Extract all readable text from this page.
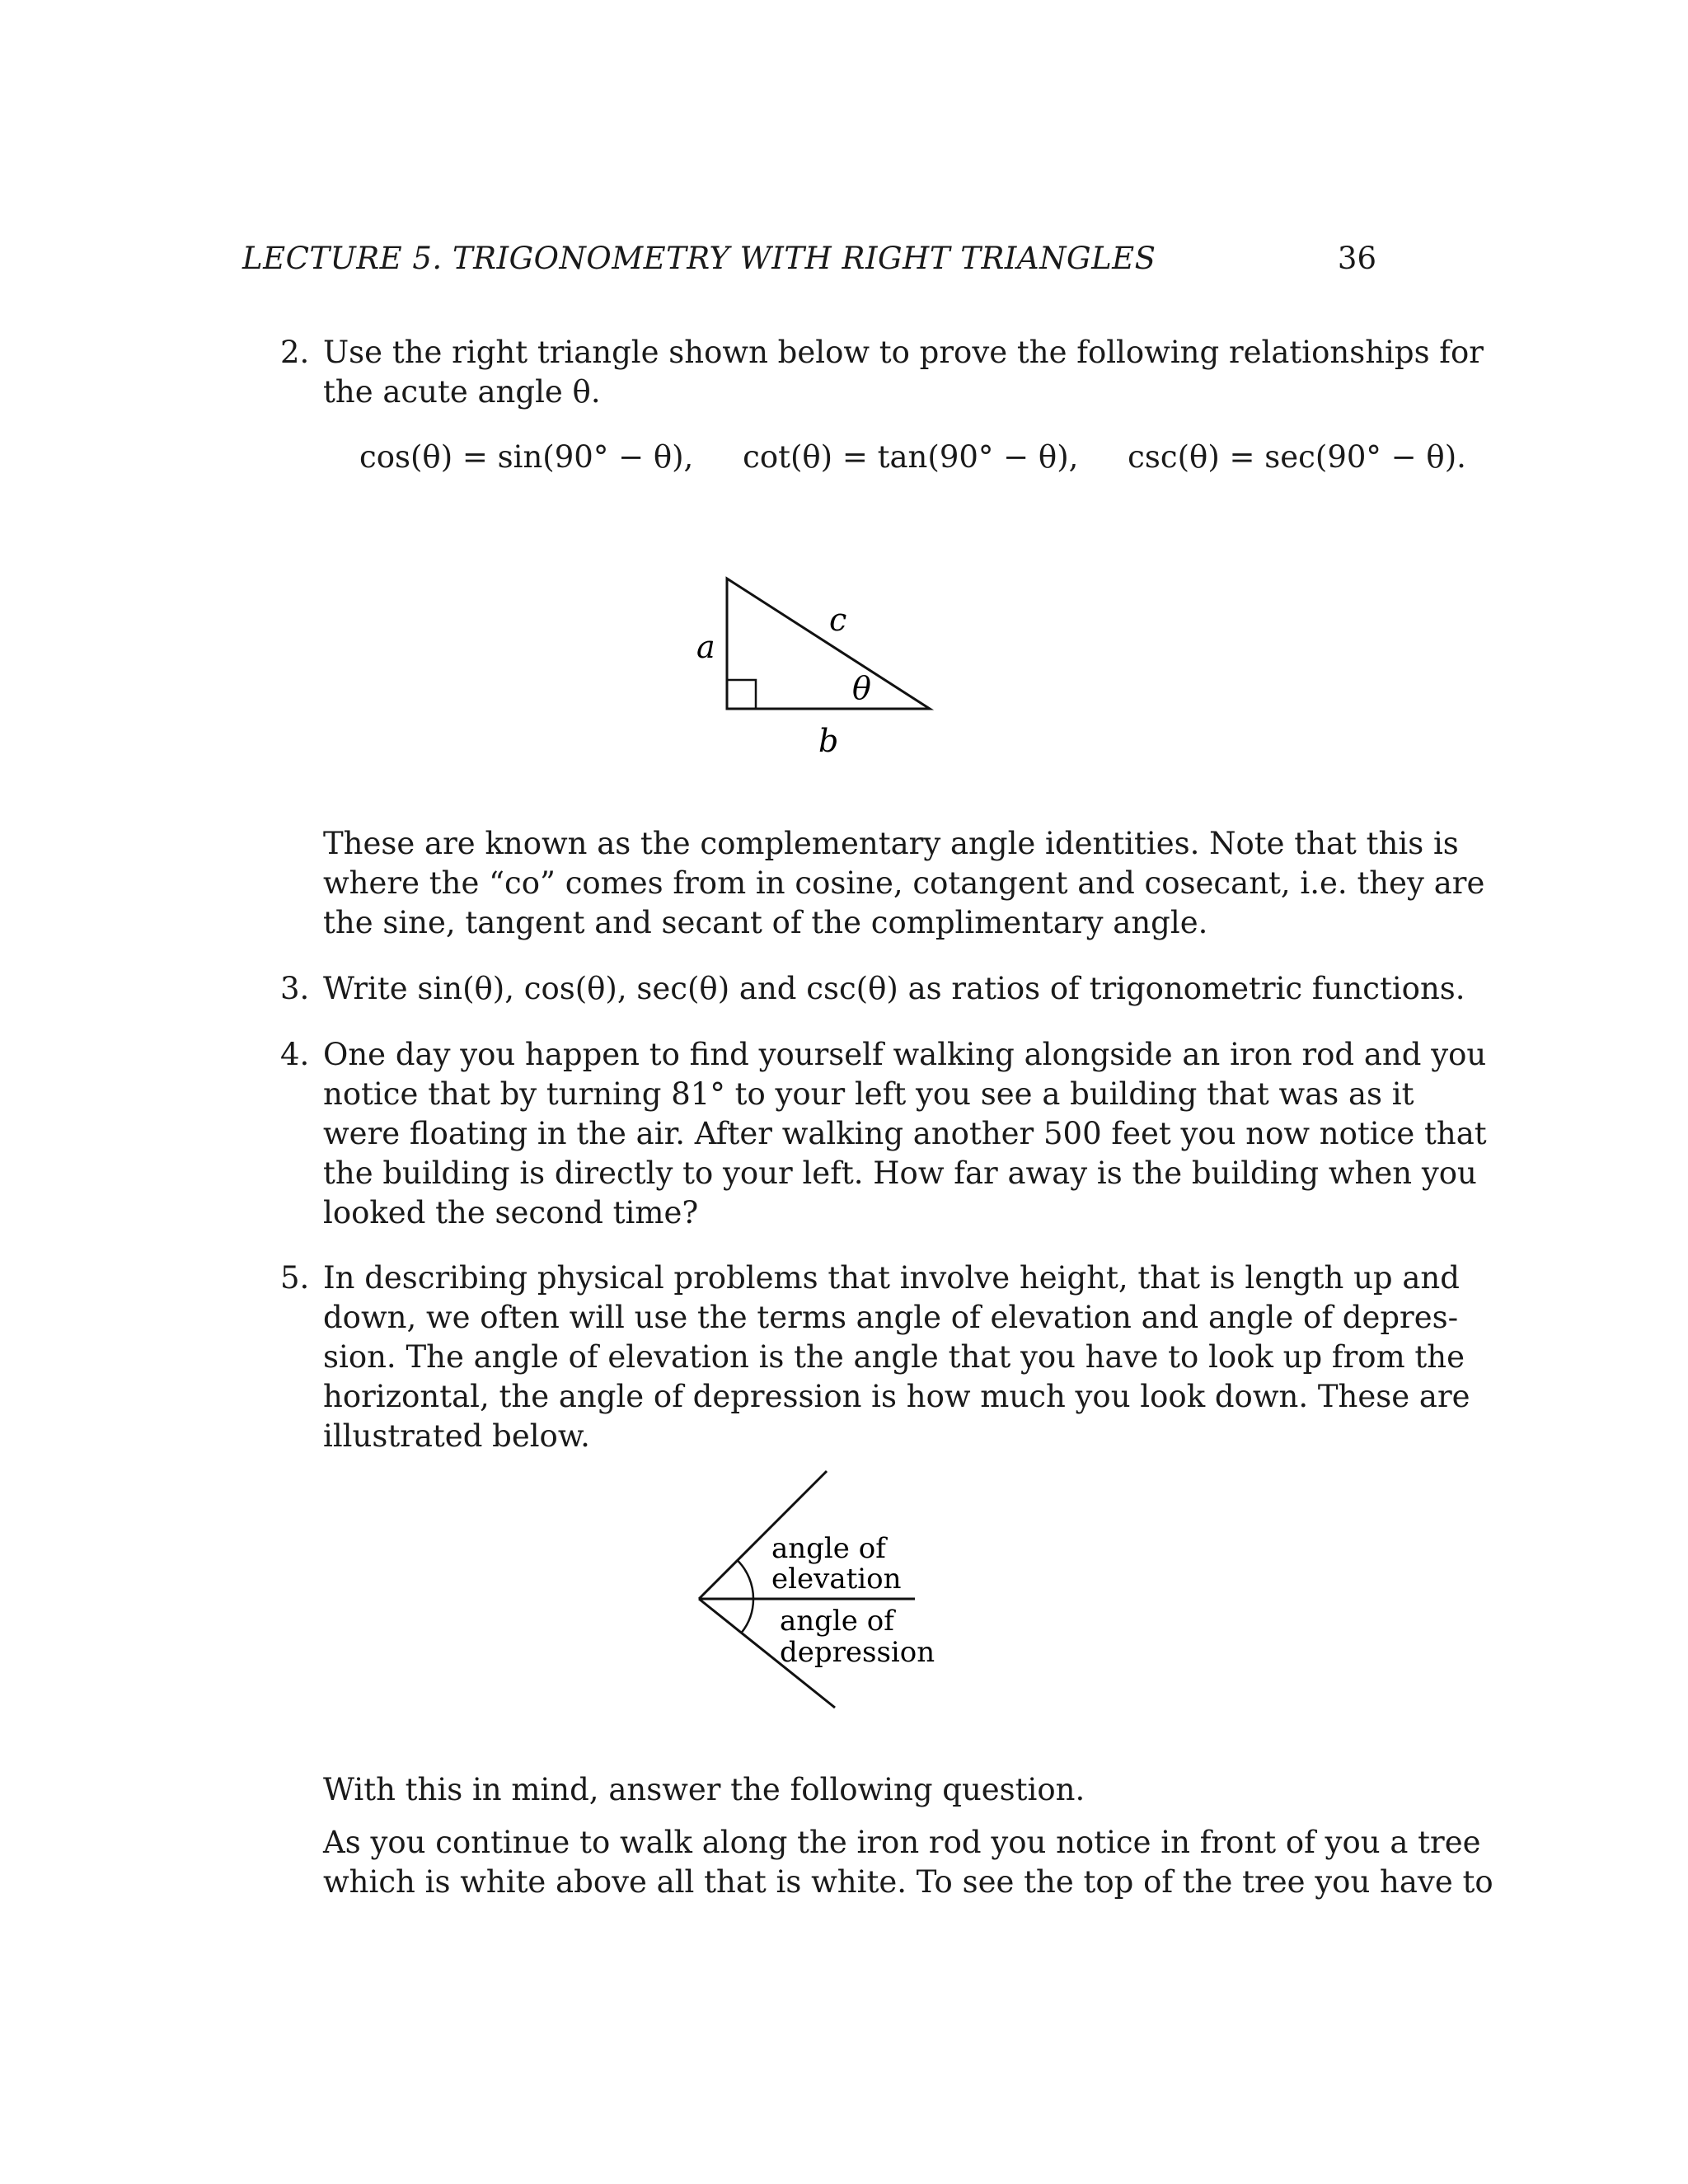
LECTURE 5. TRIGONOMETRY WITH RIGHT TRIANGLES	36
2. Use the right triangle shown below to prove the following relationships for
the acute angle θ.
cos(θ) = sin(90° − θ), cot(θ) = tan(90° − θ), csc(θ) = sec(90° − θ).
a
c
θ
b
These are known as the complementary angle identities. Note that this is
where the “co” comes from in cosine, cotangent and cosecant, i.e. they are
the sine, tangent and secant of the complimentary angle.
3. Write sin(θ), cos(θ), sec(θ) and csc(θ) as ratios of trigonometric functions.
4. One day you happen to find yourself walking alongside an iron rod and you
notice that by turning 81° to your left you see a building that was as it
were floating in the air. After walking another 500 feet you now notice that
the building is directly to your left. How far away is the building when you
looked the second time?
5. In describing physical problems that involve height, that is length up and
down, we often will use the terms angle of elevation and angle of depres-
sion. The angle of elevation is the angle that you have to look up from the
horizontal, the angle of depression is how much you look down. These are
illustrated below.
angle of
elevation
angle of
depression
With this in mind, answer the following question.
As you continue to walk along the iron rod you notice in front of you a tree
which is white above all that is white. To see the top of the tree you have to
